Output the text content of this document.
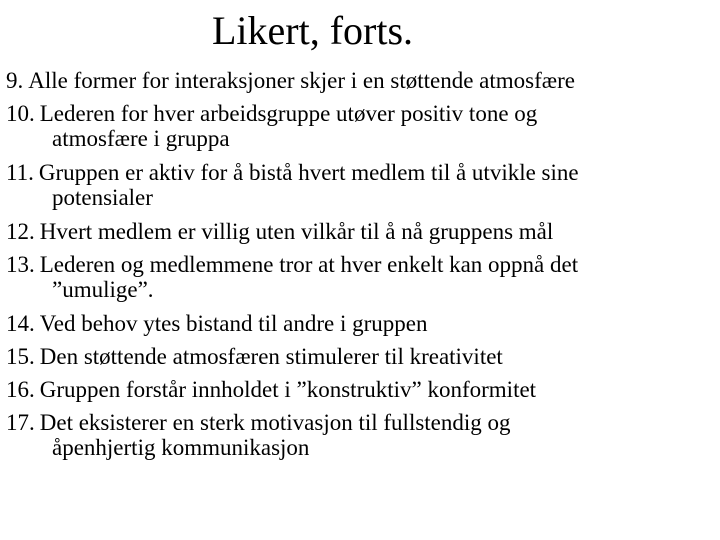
Likert, forts.
9. Alle former for interaksjoner skjer i en støttende atmosfære
10. Lederen for hver arbeidsgruppe utøver positiv tone og
atmosfære i gruppa
11. Gruppen er aktiv for å bistå hvert medlem til å utvikle sine
potensialer
12. Hvert medlem er villig uten vilkår til å nå gruppens mål
13. Lederen og medlemmene tror at hver enkelt kan oppnå det
”umulige”.
14. Ved behov ytes bistand til andre i gruppen
15. Den støttende atmosfæren stimulerer til kreativitet
16. Gruppen forstår innholdet i ”konstruktiv” konformitet
17. Det eksisterer en sterk motivasjon til fullstendig og
åpenhjertig kommunikasjon
